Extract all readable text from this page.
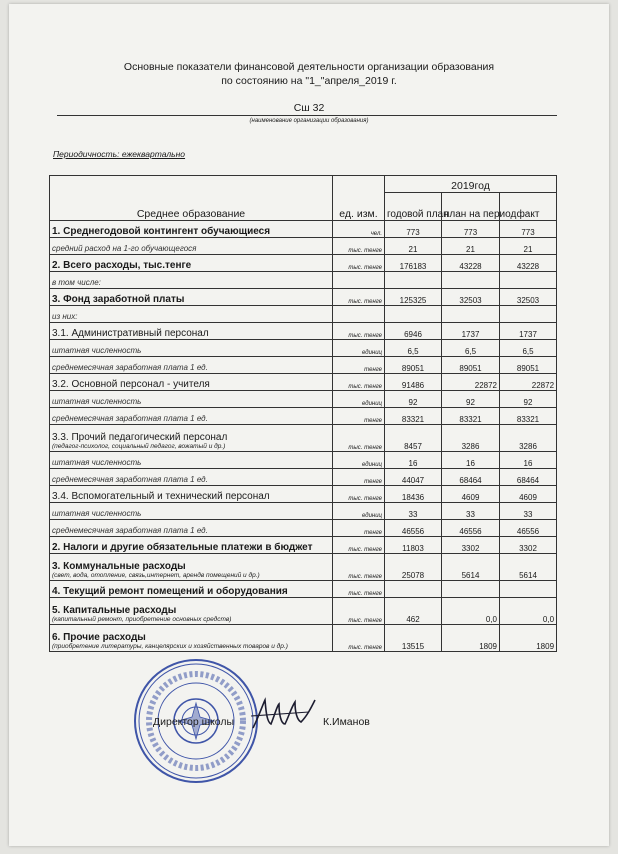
Основные показатели финансовой деятельности организации образования
по состоянию на "1_"апреля_2019 г.
Сш 32
(наименование организации образования)
Периодичность: ежеквартально
Среднее образование	ед. изм.	2019год		
		годовой план	план на период	факт

1. Среднегодовой контингент обучающиеся	чел.	773	773	773

средний расход на 1-го обучающегося	тыс. тенге	21	21	21

2. Всего расходы, тыс.тенге	тыс. тенге	176183	43228	43228

в том числе:				

3. Фонд заработной платы	тыс. тенге	125325	32503	32503

из них:				

3.1. Административный персонал	тыс. тенге	6946	1737	1737

штатная численность	единиц	6,5	6,5	6,5

среднемесячная заработная плата 1 ед.	тенге	89051	89051	89051

3.2. Основной персонал - учителя	тыс. тенге	91486	22872	22872

штатная численность	единиц	92	92	92

среднемесячная заработная плата 1 ед.	тенге	83321	83321	83321

3.3. Прочий педагогический персонал
(педагог-психолог, социальный педагог, вожатый и др.)	тыс. тенге	8457	3286	3286

штатная численность	единиц	16	16	16

среднемесячная заработная плата 1 ед.	тенге	44047	68464	68464

3.4. Вспомогательный и технический персонал	тыс. тенге	18436	4609	4609

штатная численность	единиц	33	33	33

среднемесячная заработная плата 1 ед.	тенге	46556	46556	46556

2. Налоги и другие обязательные платежи в бюджет	тыс. тенге	11803	3302	3302

3. Коммунальные расходы
(свет, вода, отопление, связь,интернет, арендв помещений и др.)	тыс. тенге	25078	5614	5614

4. Текущий ремонт помещений и оборудования	тыс. тенге			

5. Капитальные расходы
(капитальный ремонт, приобретение основных средств)	тыс. тенге	462	0,0	0,0

6. Прочие расходы
(приобретение литературы, канцелярских и хозяйственных товаров и др.)	тыс. тенге	13515	1809	1809
Директор школы	К.Иманов
